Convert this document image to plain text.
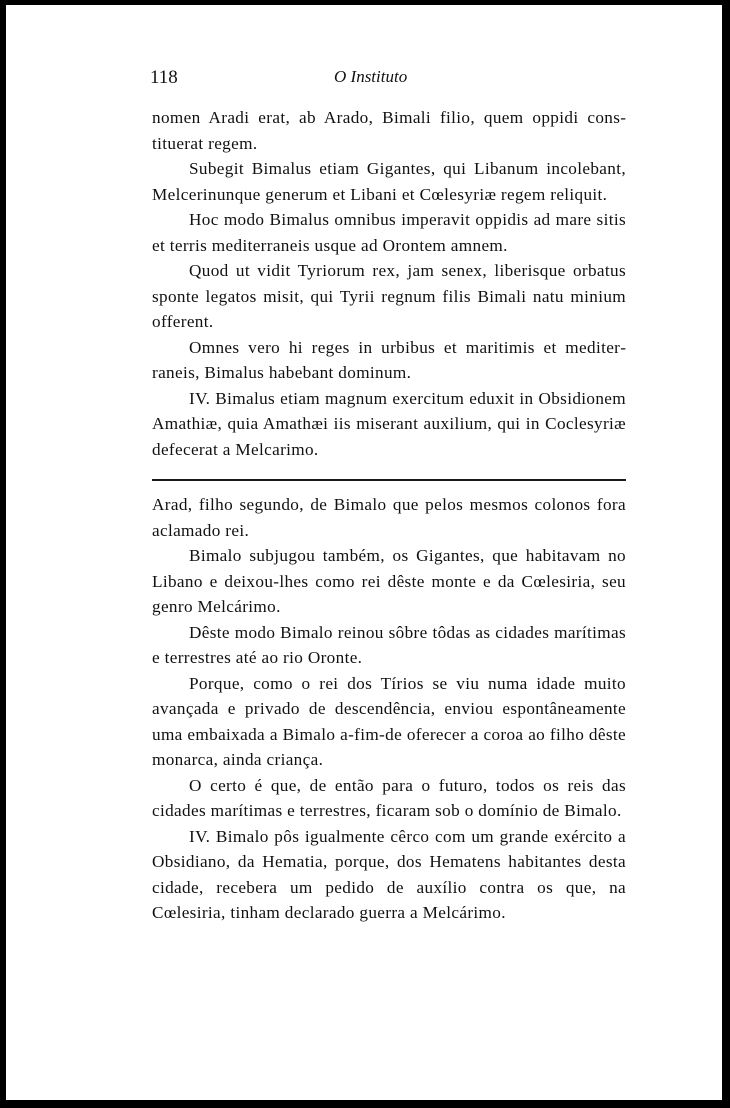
118	O Instituto

nomen Aradi erat, ab Arado, Bimali filio, quem oppidi constituerat regem.

Subegit Bimalus etiam Gigantes, qui Libanum incolebant, Melcerinunque generum et Libani et Cœlesyriæ regem reliquit.

Hoc modo Bimalus omnibus imperavit oppidis ad mare sitis et terris mediterraneis usque ad Orontem amnem.

Quod ut vidit Tyriorum rex, jam senex, liberisque orbatus sponte legatos misit, qui Tyrii regnum filis Bimali natu minium offerent.

Omnes vero hi reges in urbibus et maritimis et mediterraneis, Bimalus habebant dominum.

IV. Bimalus etiam magnum exercitum eduxit in Obsidionem Amathiæ, quia Amathæi iis miserant auxilium, qui in Coclesyriæ defecerat a Melcarimo.

Arad, filho segundo, de Bimalo que pelos mesmos colonos fora aclamado rei.

Bimalo subjugou também, os Gigantes, que habitavam no Libano e deixou-lhes como rei dêste monte e da Cœlesiria, seu genro Melcárimo.

Dêste modo Bimalo reinou sôbre tôdas as cidades marítimas e terrestres até ao rio Oronte.

Porque, como o rei dos Tírios se viu numa idade muito avançada e privado de descendência, enviou espontâneamente uma embaixada a Bimalo a-fim-de oferecer a coroa ao filho dêste monarca, ainda criança.

O certo é que, de então para o futuro, todos os reis das cidades marítimas e terrestres, ficaram sob o domínio de Bimalo.

IV. Bimalo pôs igualmente cêrco com um grande exército a Obsidiano, da Hematia, porque, dos Hematens habitantes desta cidade, recebera um pedido de auxílio contra os que, na Cœlesiria, tinham declarado guerra a Melcárimo.
